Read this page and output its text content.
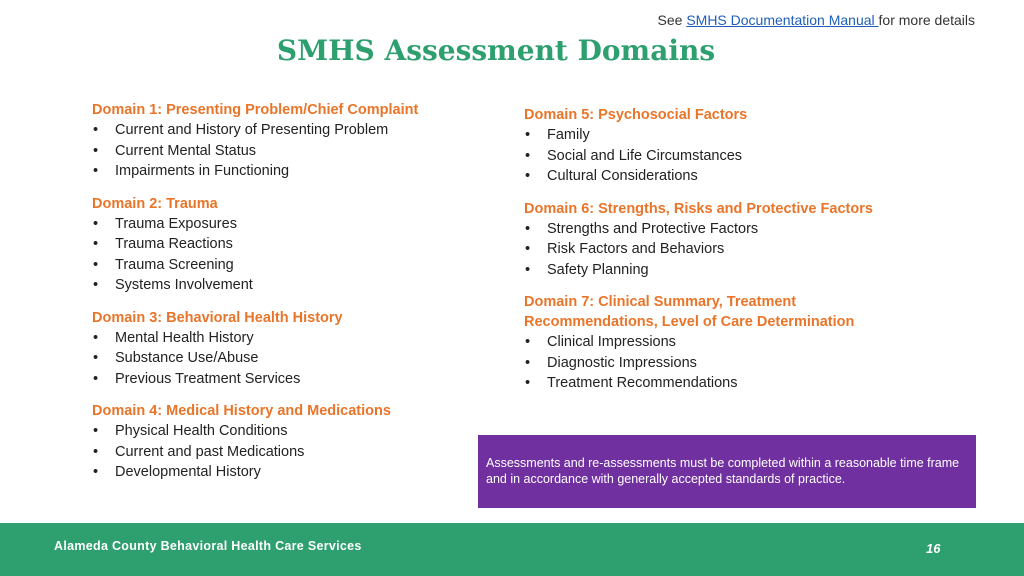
See SMHS Documentation Manual for more details
SMHS Assessment Domains
Domain 1: Presenting Problem/Chief Complaint
• Current and History of Presenting Problem
• Current Mental Status
• Impairments in Functioning
Domain 2: Trauma
• Trauma Exposures
• Trauma Reactions
• Trauma Screening
• Systems Involvement
Domain 3: Behavioral Health History
• Mental Health History
• Substance Use/Abuse
• Previous Treatment Services
Domain 4: Medical History and Medications
• Physical Health Conditions
• Current and past Medications
• Developmental History
Domain 5: Psychosocial Factors
• Family
• Social and Life Circumstances
• Cultural Considerations
Domain 6: Strengths, Risks and Protective Factors
• Strengths and Protective Factors
• Risk Factors and Behaviors
• Safety Planning
Domain 7: Clinical Summary, Treatment Recommendations, Level of Care Determination
• Clinical Impressions
• Diagnostic Impressions
• Treatment Recommendations
Assessments and re-assessments must be completed within a reasonable time frame and in accordance with generally accepted standards of practice.
Alameda County Behavioral Health Care Services	16
